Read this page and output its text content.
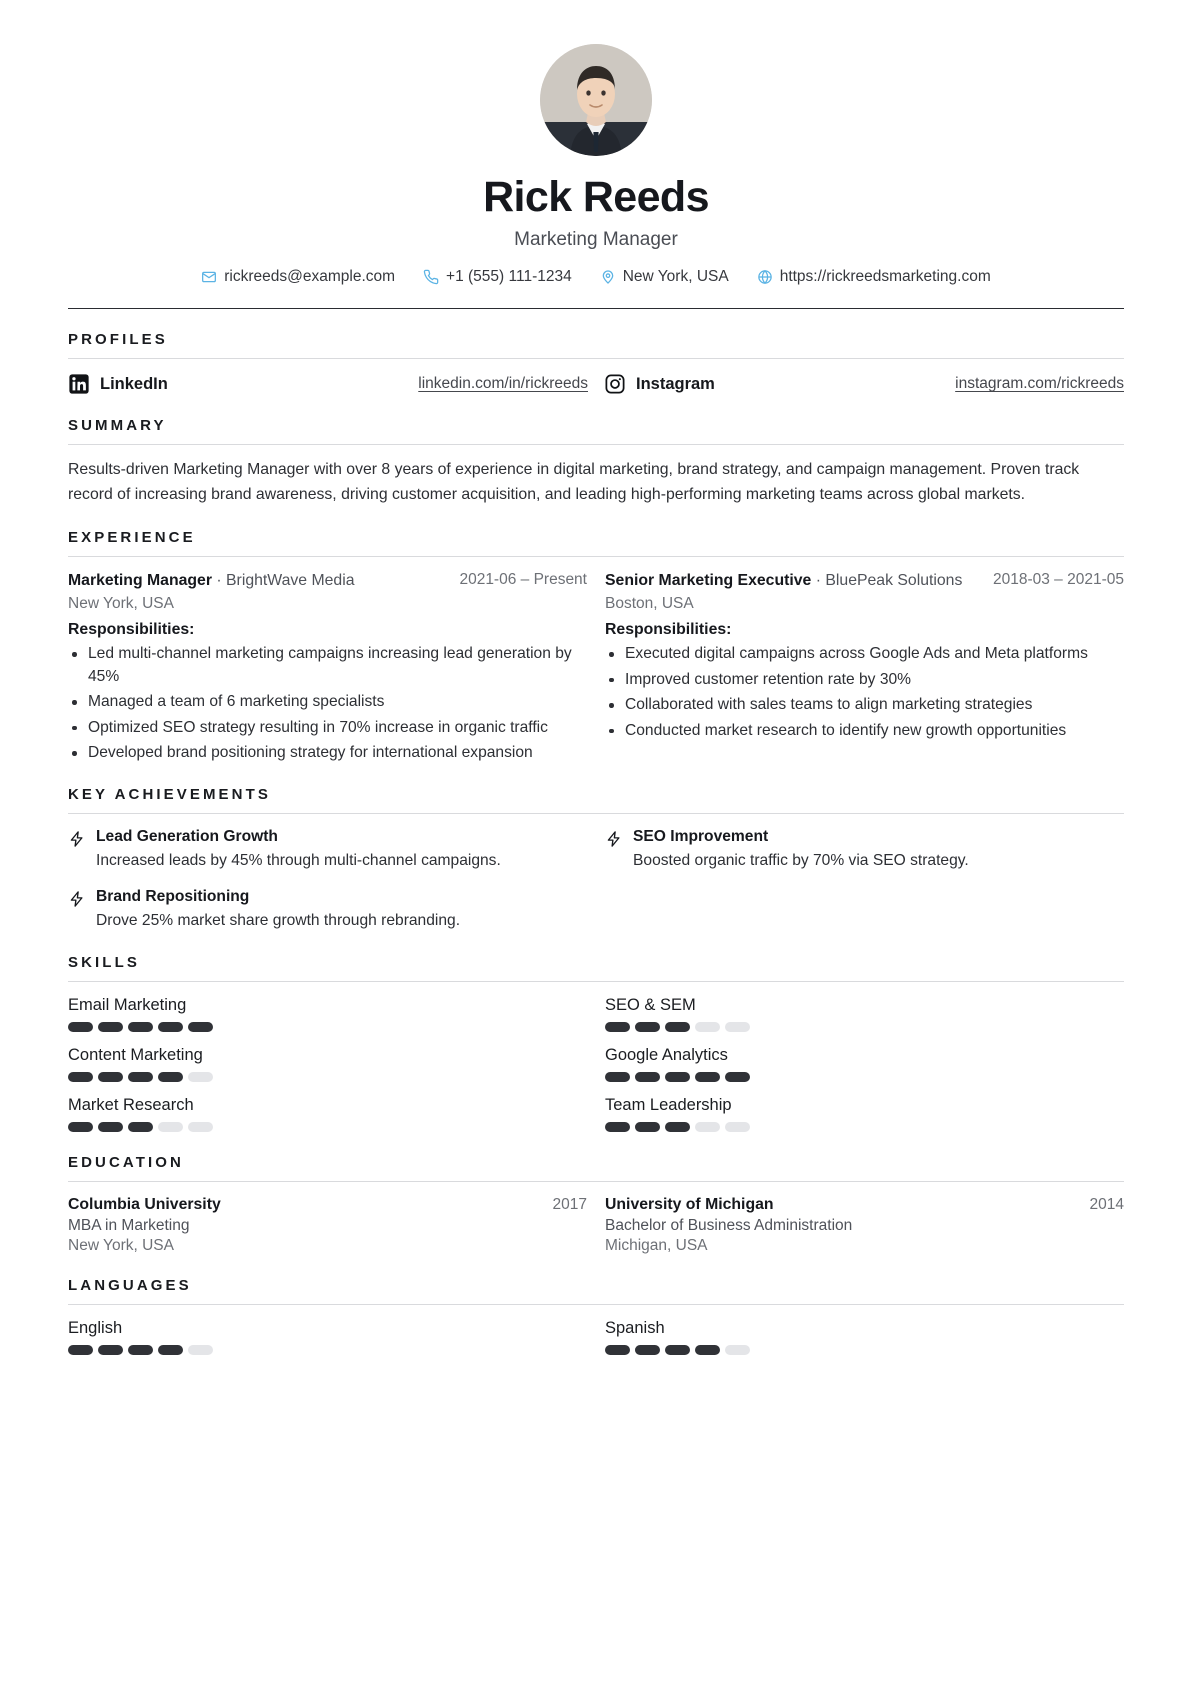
Rick Reeds
Marketing Manager
rickreeds@example.com	+1 (555) 111-1234	New York, USA	https://rickreedsmarketing.com
PROFILES
LinkedIn	linkedin.com/in/rickreeds	Instagram	instagram.com/rickreeds
SUMMARY

Results-driven Marketing Manager with over 8 years of experience in digital marketing, brand strategy, and campaign management. Proven track record of increasing brand awareness, driving customer acquisition, and leading high-performing marketing teams across global markets.

EXPERIENCE
Marketing Manager · BrightWave Media	2021-06 – Present
New York, USA
Responsibilities:
Led multi-channel marketing campaigns increasing lead generation by 45%
Managed a team of 6 marketing specialists
Optimized SEO strategy resulting in 70% increase in organic traffic
Developed brand positioning strategy for international expansion
Senior Marketing Executive · BluePeak Solutions 2018-03 – 2021-05
Boston, USA
Responsibilities:
Executed digital campaigns across Google Ads and Meta platforms
Improved customer retention rate by 30%
Collaborated with sales teams to align marketing strategies
Conducted market research to identify new growth opportunities
KEY ACHIEVEMENTS
Lead Generation Growth
Increased leads by 45% through multi-channel campaigns.
SEO Improvement
Boosted organic traffic by 70% via SEO strategy.
Brand Repositioning
Drove 25% market share growth through rebranding.
SKILLS
Email Marketing	SEO & SEM
Content Marketing	Google Analytics
Market Research	Team Leadership
EDUCATION
Columbia University	2017
MBA in Marketing
New York, USA
University of Michigan	2014
Bachelor of Business Administration
Michigan, USA
LANGUAGES
English	Spanish
